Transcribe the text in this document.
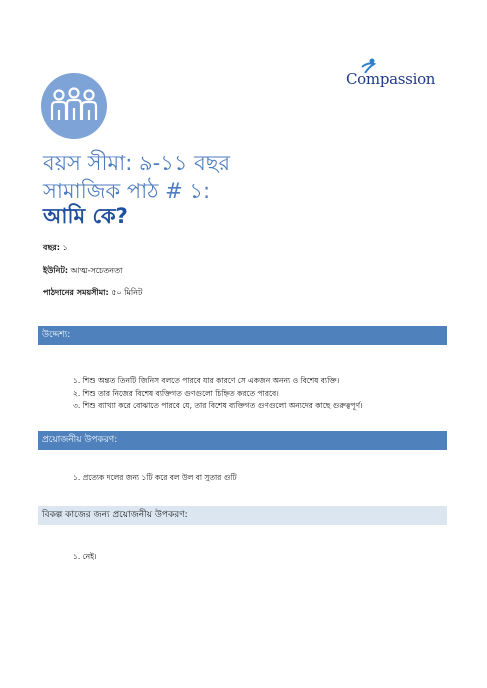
Compassion
বয়স সীমা: ৯-১১ বছর
সামাজিক পাঠ # ১:
আমি কে?
বছর: ১
ইউনিট: আত্ম-সচেতনতা
পাঠদানের সময়সীমা: ৫০ মিনিট
উদ্দেশ্য:
১. শিশু অন্তত তিনটি জিনিস বলতে পারবে যার কারণে সে একজন অনন্য ও বিশেষ ব্যক্তি।
২. শিশু তার নিজের বিশেষ ব্যক্তিগত গুণগুলো চিহ্নিত করতে পারবে।
৩. শিশু ব্যাখ্যা করে বোঝাতে পারবে যে, তার বিশেষ ব্যক্তিগত গুণগুলো অন্যদের কাছে গুরুত্বপূর্ণ।
প্রয়োজনীয় উপকরণ:
১. প্রত্যেক দলের জন্য ১টি করে বল উল বা সুতার গুটি
বিকল্প কাজের জন্য প্রয়োজনীয় উপকরণ:
১. নেই।
